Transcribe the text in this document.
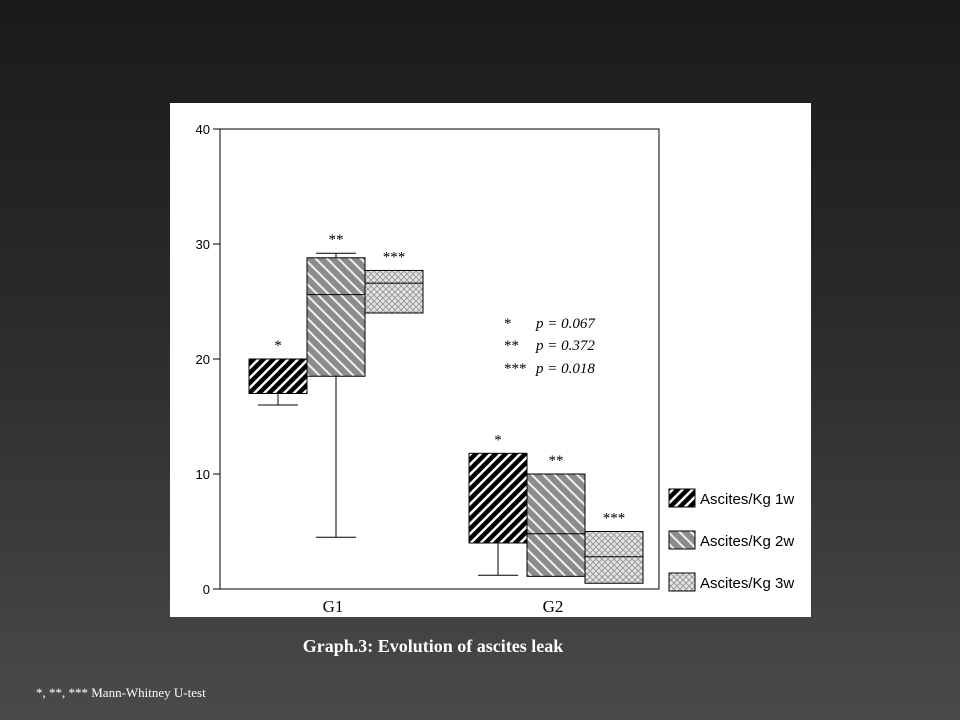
0
10
20
30
40
G1	G2
*
*
**
**
***
***
* p = 0.067
** p = 0.372
*** p = 0.018
Ascites/Kg 1w
Ascites/Kg 2w
Ascites/Kg 3w
Graph.3: Evolution of ascites leak
*, **, *** Mann-Whitney U-test
